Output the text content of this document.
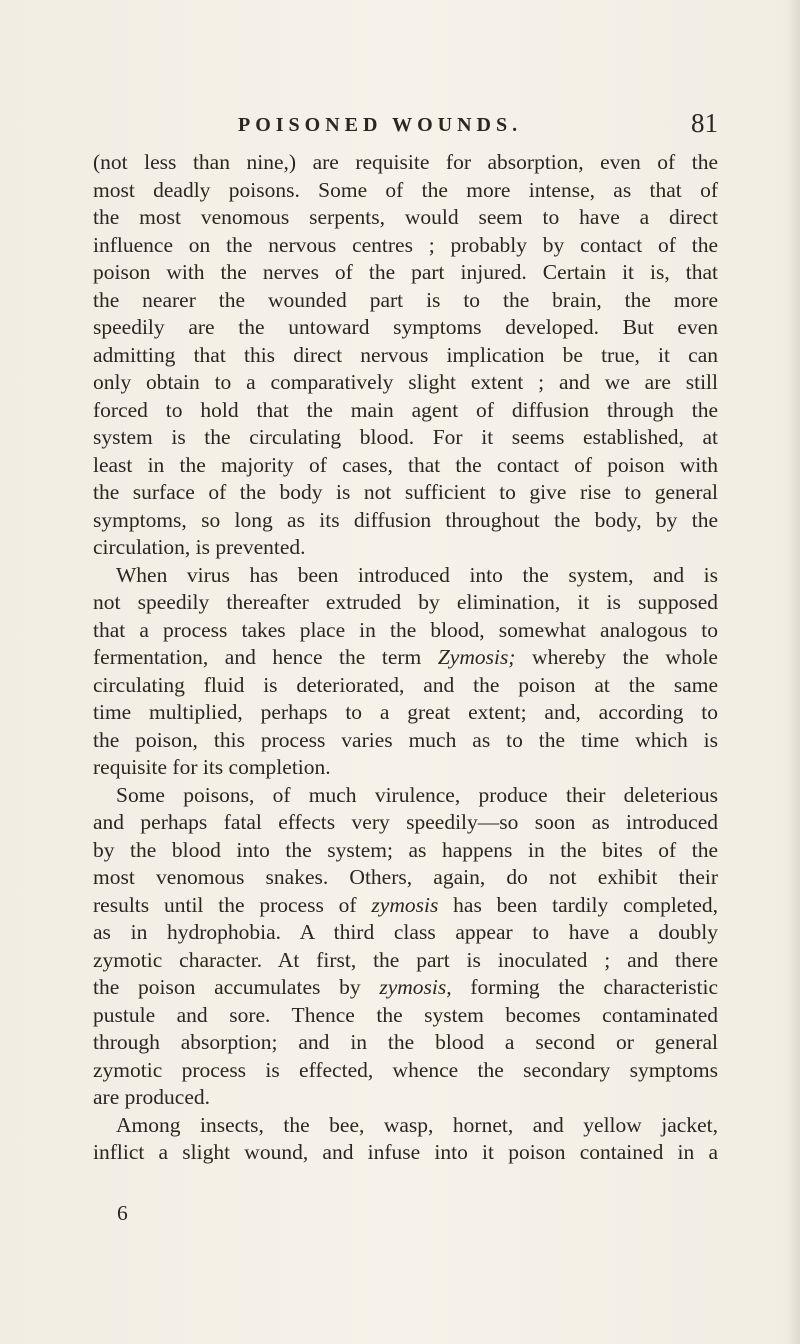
POISONED WOUNDS.	81
(not less than nine,) are requisite for absorption, even of the
most deadly poisons. Some of the more intense, as that of
the most venomous serpents, would seem to have a direct
influence on the nervous centres ; probably by contact of the
poison with the nerves of the part injured. Certain it is, that
the nearer the wounded part is to the brain, the more
speedily are the untoward symptoms developed. But even
admitting that this direct nervous implication be true, it can
only obtain to a comparatively slight extent ; and we are still
forced to hold that the main agent of diffusion through the
system is the circulating blood. For it seems established, at
least in the majority of cases, that the contact of poison with
the surface of the body is not sufficient to give rise to general
symptoms, so long as its diffusion throughout the body, by the
circulation, is prevented.
When virus has been introduced into the system, and is
not speedily thereafter extruded by elimination, it is supposed
that a process takes place in the blood, somewhat analogous to
fermentation, and hence the term Zymosis; whereby the whole
circulating fluid is deteriorated, and the poison at the same
time multiplied, perhaps to a great extent; and, according to
the poison, this process varies much as to the time which is
requisite for its completion.
Some poisons, of much virulence, produce their deleterious
and perhaps fatal effects very speedily—so soon as introduced
by the blood into the system; as happens in the bites of the
most venomous snakes. Others, again, do not exhibit their
results until the process of zymosis has been tardily completed,
as in hydrophobia. A third class appear to have a doubly
zymotic character. At first, the part is inoculated ; and there
the poison accumulates by zymosis, forming the characteristic
pustule and sore. Thence the system becomes contaminated
through absorption; and in the blood a second or general
zymotic process is effected, whence the secondary symptoms
are produced.
Among insects, the bee, wasp, hornet, and yellow jacket,
inflict a slight wound, and infuse into it poison contained in a
6
